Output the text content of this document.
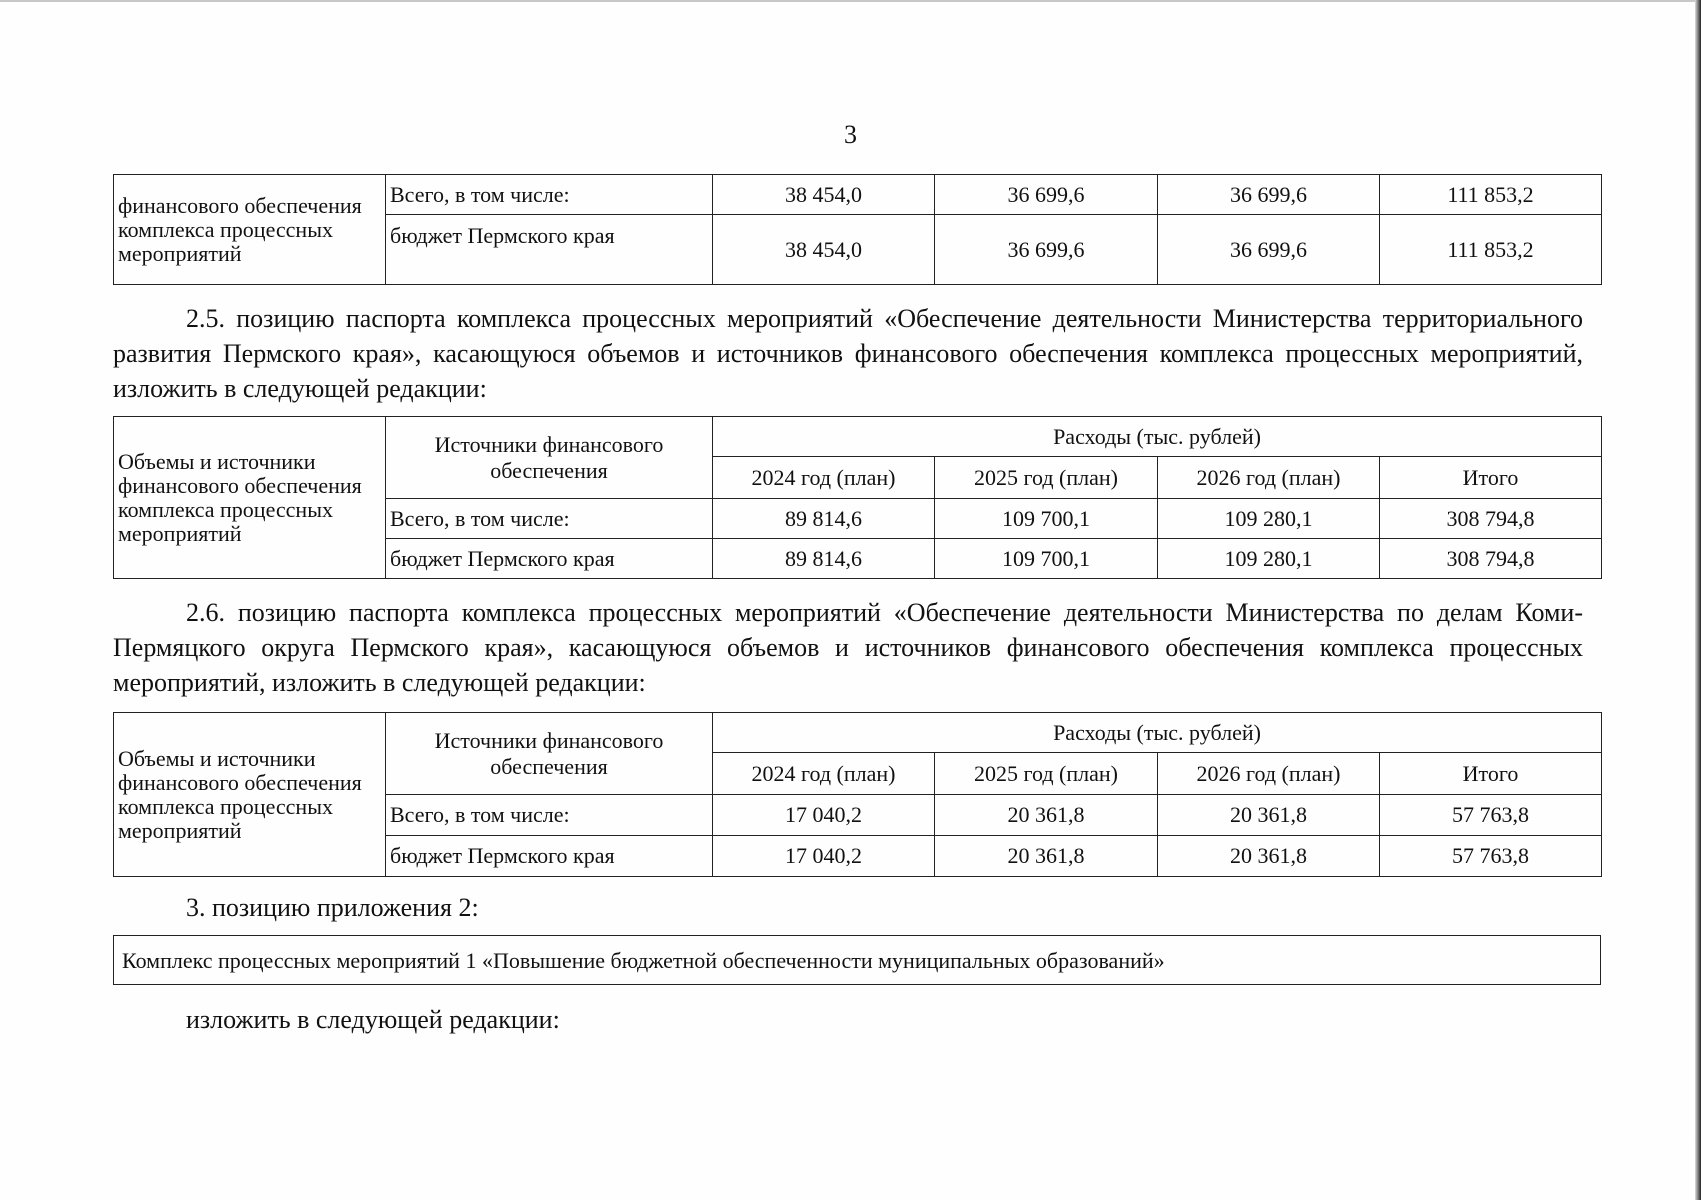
3
финансового обеспечения комплекса процессных мероприятий	Всего, в том числе:	38 454,0	36 699,6	36 699,6	111 853,2
	бюджет Пермского края	38 454,0	36 699,6	36 699,6	111 853,2
2.5. позицию паспорта комплекса процессных мероприятий «Обеспечение деятельности Министерства территориального развития Пермского края», касающуюся объемов и источников финансового обеспечения комплекса процессных мероприятий, изложить в следующей редакции:
Объемы и источники финансового обеспечения комплекса процессных мероприятий	Источники финансового обеспечения	Расходы (тыс. рублей)			
		2024 год (план)	2025 год (план)	2026 год (план)	Итого
	Всего, в том числе:	89 814,6	109 700,1	109 280,1	308 794,8
	бюджет Пермского края	89 814,6	109 700,1	109 280,1	308 794,8
2.6. позицию паспорта комплекса процессных мероприятий «Обеспечение деятельности Министерства по делам Коми-Пермяцкого округа Пермского края», касающуюся объемов и источников финансового обеспечения комплекса процессных мероприятий, изложить в следующей редакции:
Объемы и источники финансового обеспечения комплекса процессных мероприятий	Источники финансового обеспечения	Расходы (тыс. рублей)			
		2024 год (план)	2025 год (план)	2026 год (план)	Итого
	Всего, в том числе:	17 040,2	20 361,8	20 361,8	57 763,8
	бюджет Пермского края	17 040,2	20 361,8	20 361,8	57 763,8
3. позицию приложения 2:
Комплекс процессных мероприятий 1 «Повышение бюджетной обеспеченности муниципальных образований»
изложить в следующей редакции:
